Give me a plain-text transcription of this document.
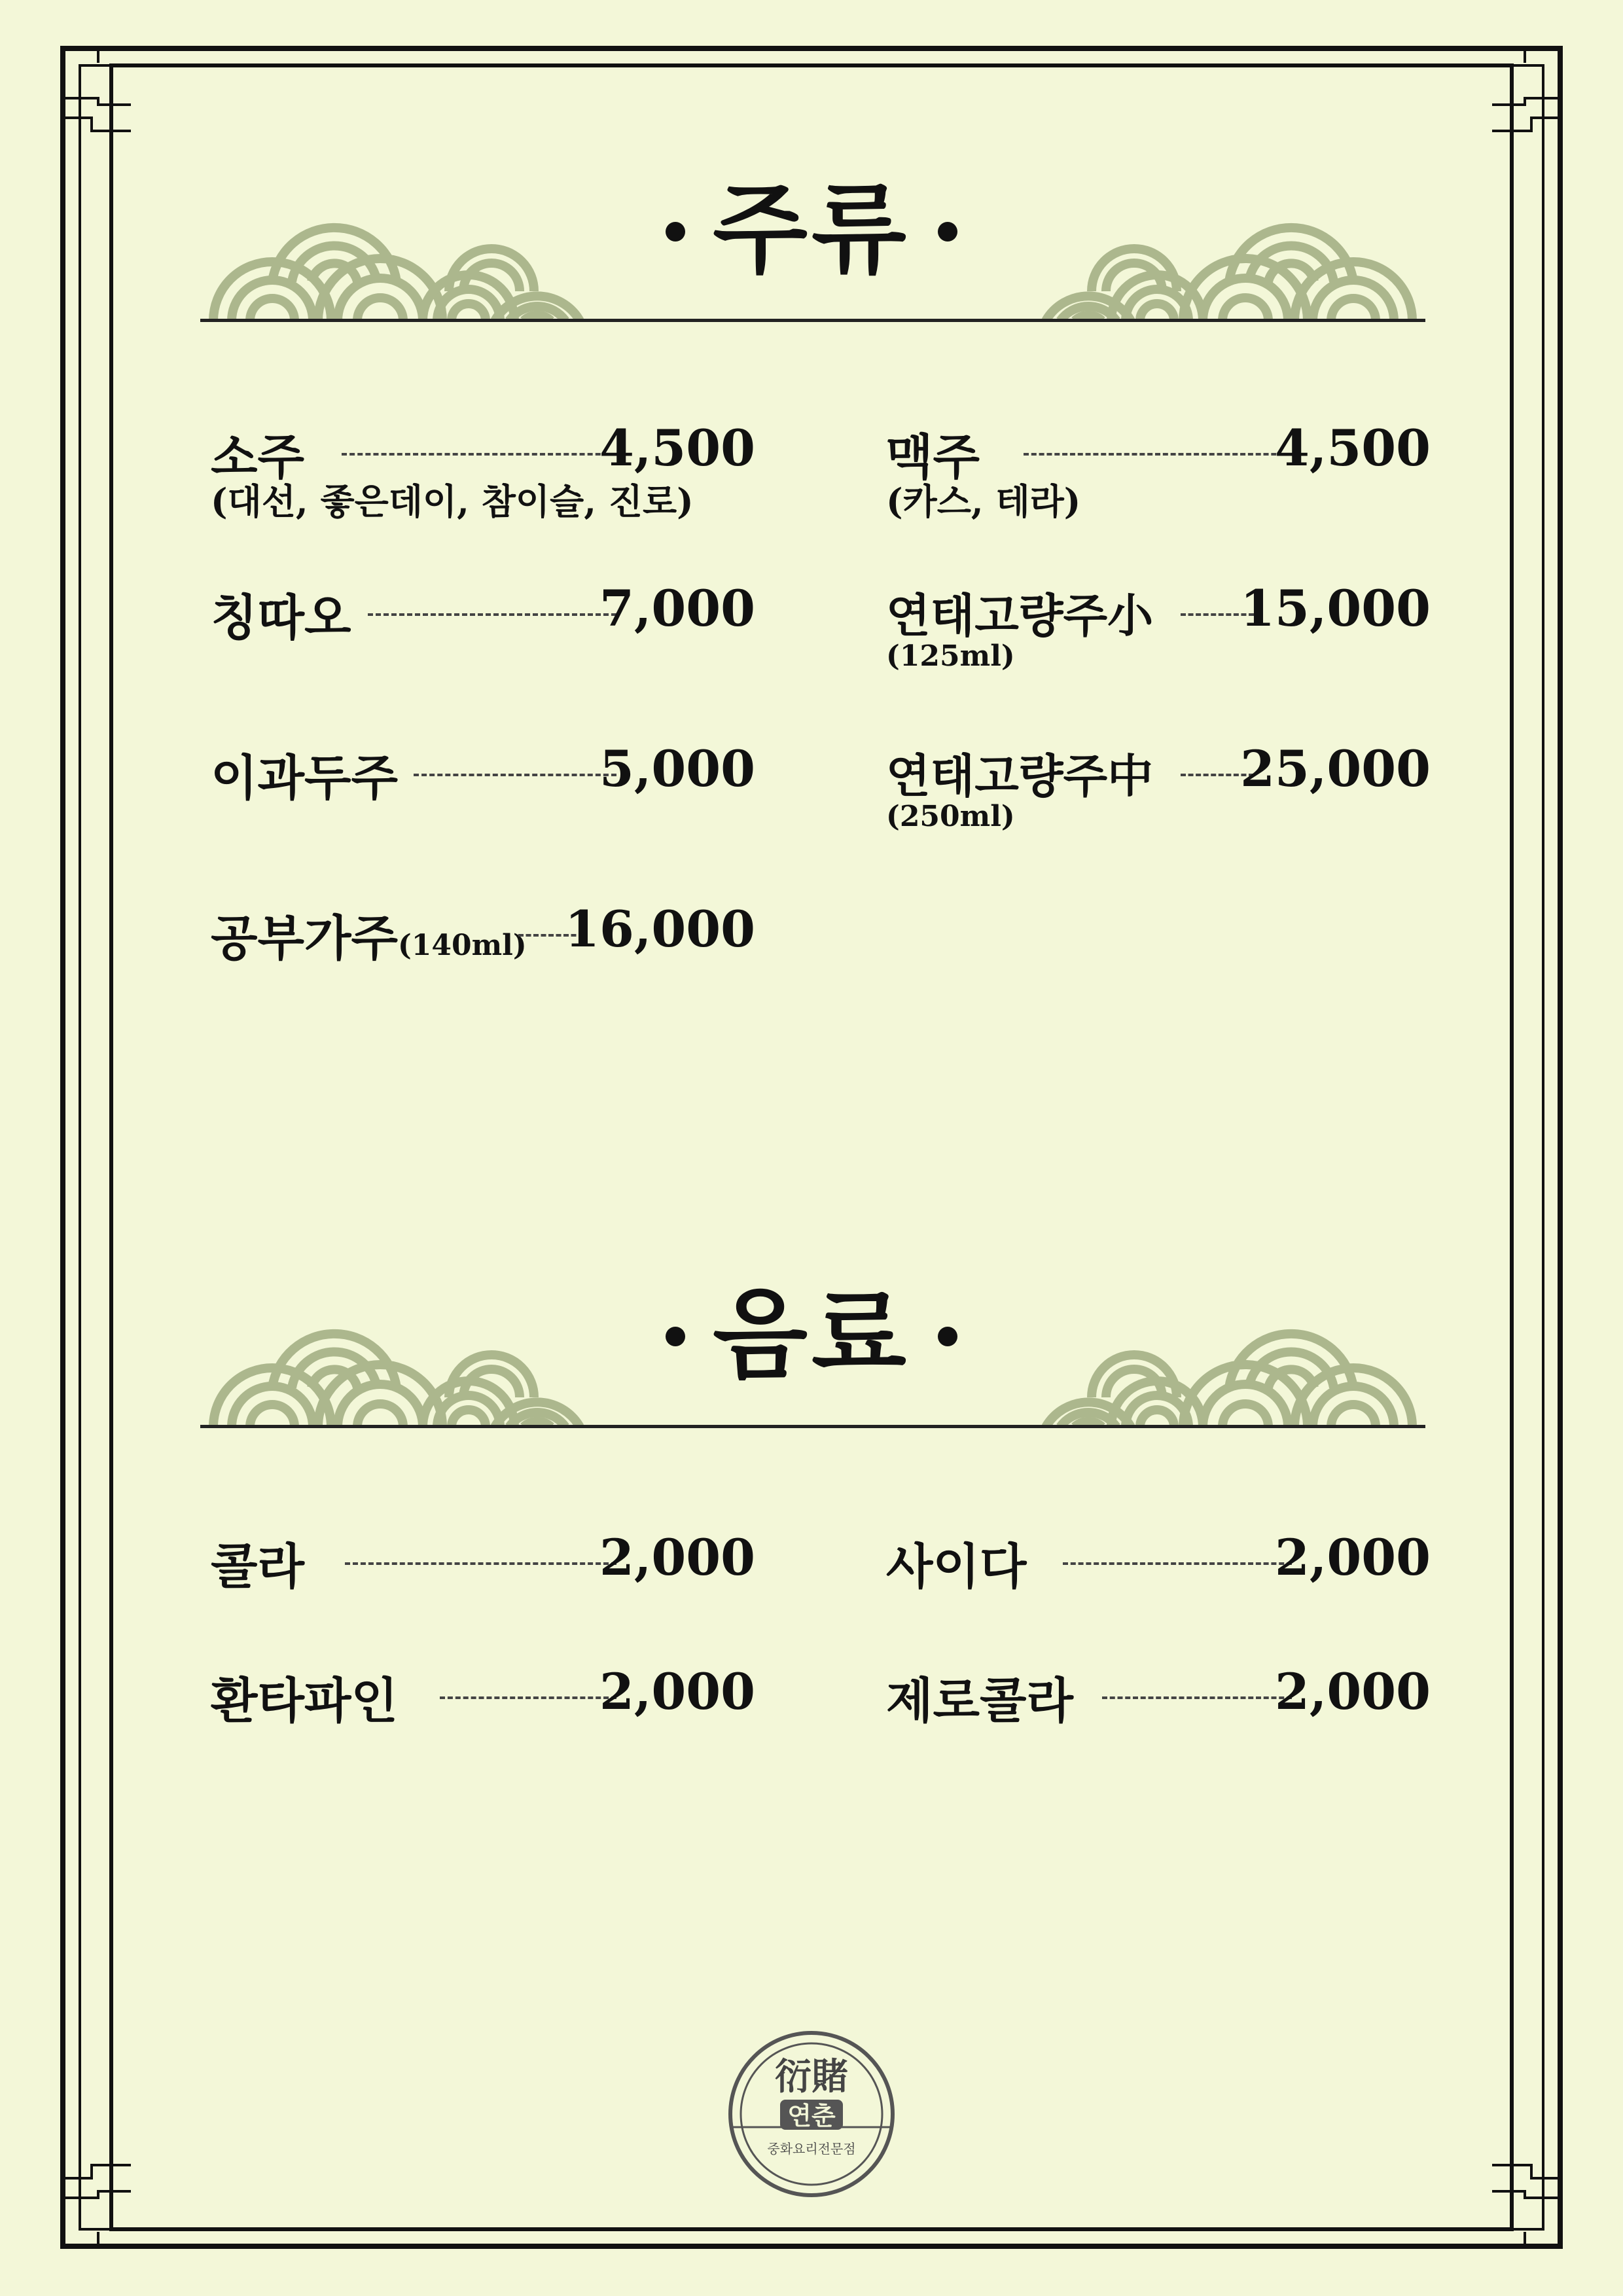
주류
소주	4,500
(대선, 좋은데이, 참이슬, 진로)
맥주	4,500
(카스, 테라)
칭따오	7,000	연태고량주小 15,000
(125ml)
이과두주	5,000	연태고량주中 25,000
(250ml)
공부가주(140ml) 16,000
음료
콜라	2,000	사이다	2,000
환타파인	2,000	제로콜라	2,000
衍賭
연춘
중화요리전문점
